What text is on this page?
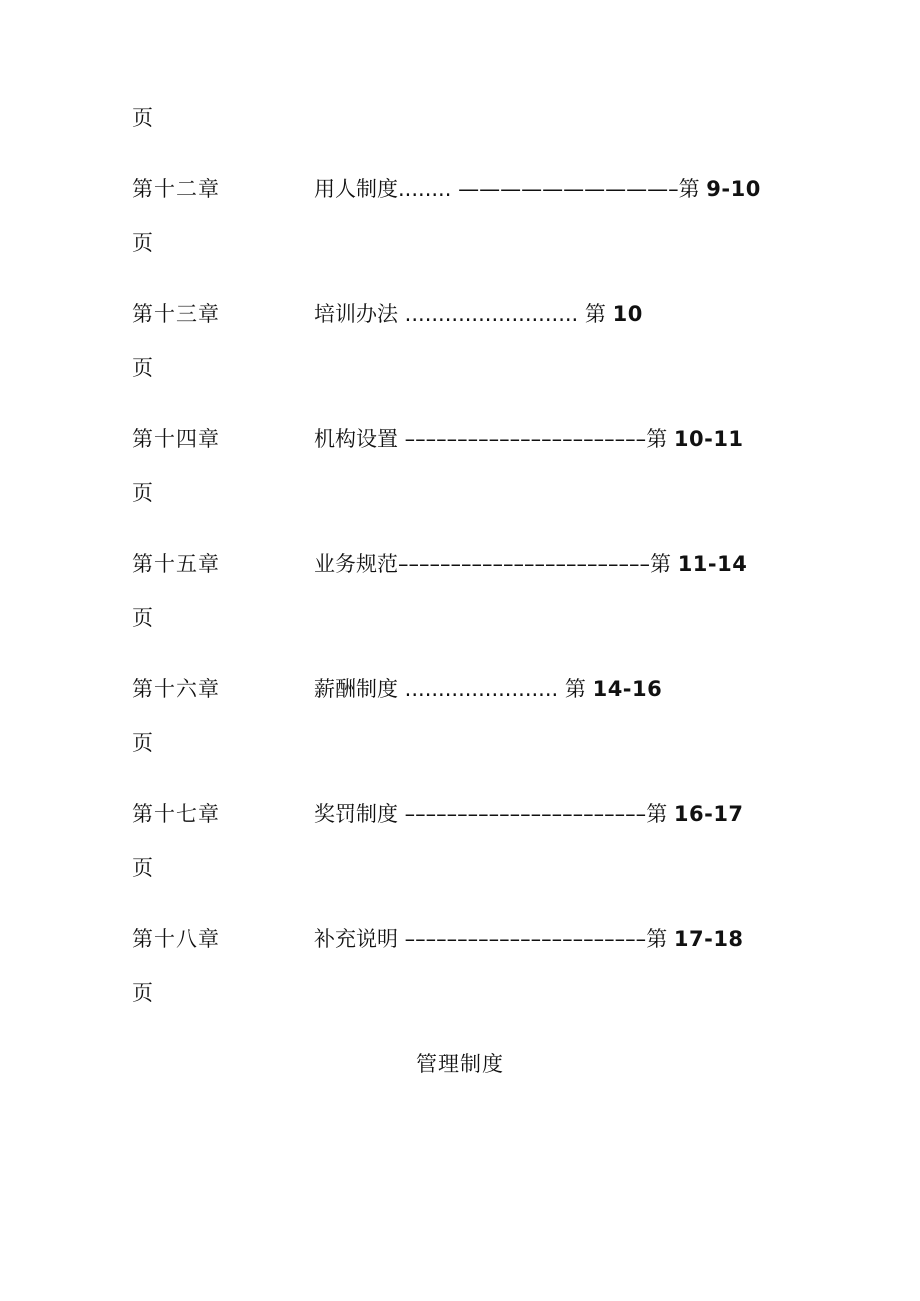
页
第十二章	用人制度........ ——————————–第 9-10
页
第十三章	培训办法 .......................... 第 10
页
第十四章	机构设置 –––––––––––––––––––––––第 10-11
页
第十五章	业务规范––––––––––––––––––––––––第 11-14
页
第十六章	薪酬制度 ....................... 第 14-16
页
第十七章	奖罚制度 –––––––––––––––––––––––第 16-17
页
第十八章	补充说明 –––––––––––––––––––––––第 17-18
页
管理制度
